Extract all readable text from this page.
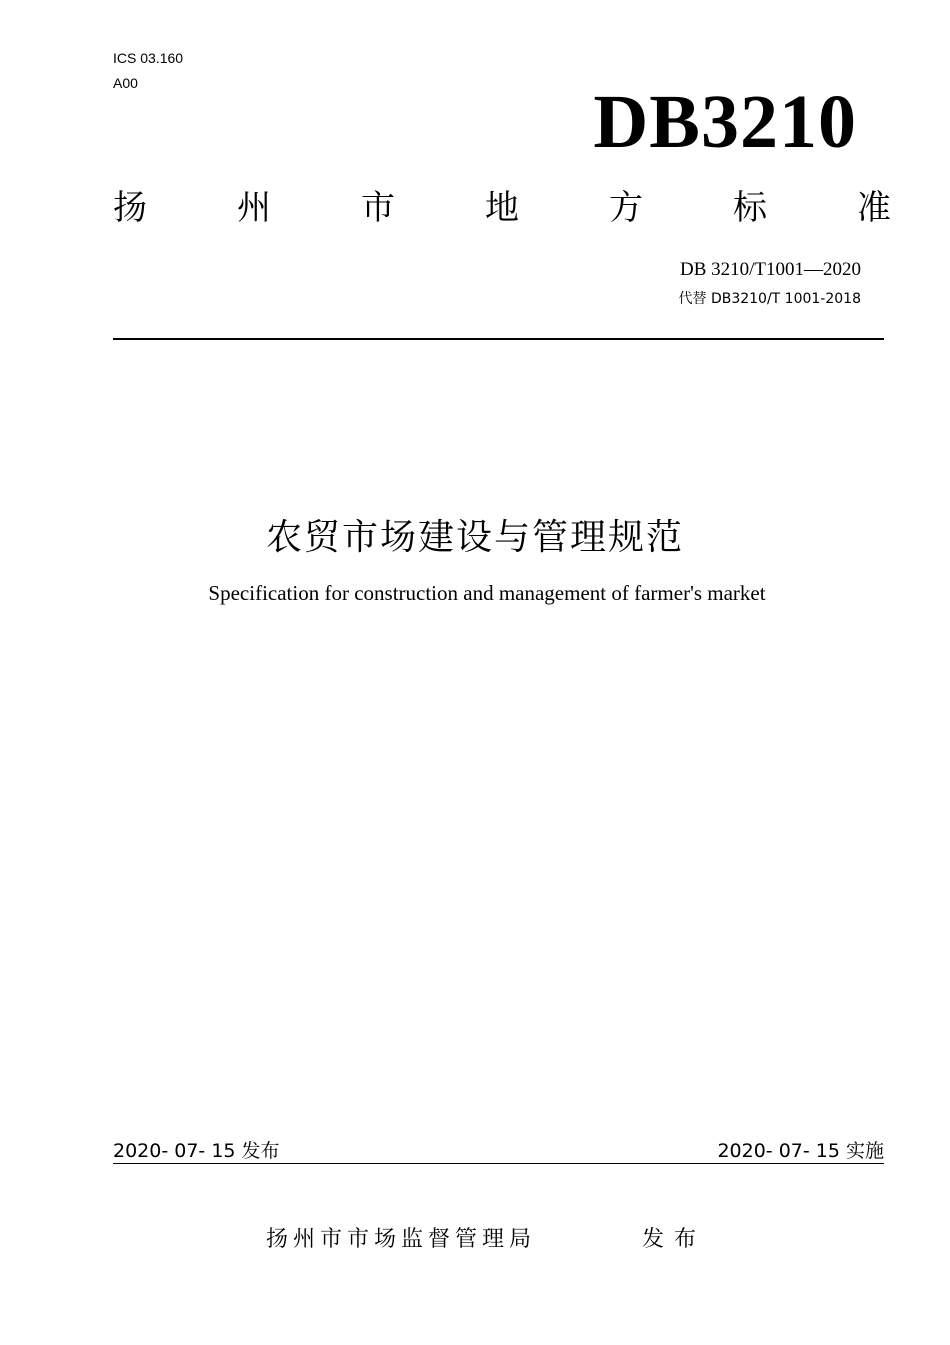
ICS 03.160
A00	DB3210
扬	州	市	地	方	标	准
DB 3210/T1001—2020
代替 DB3210/T 1001-2018
农贸市场建设与管理规范
Specification for construction and management of farmer's market
2020- 07- 15 发布	2020- 07- 15 实施
扬州市市场监督管理局	发布
